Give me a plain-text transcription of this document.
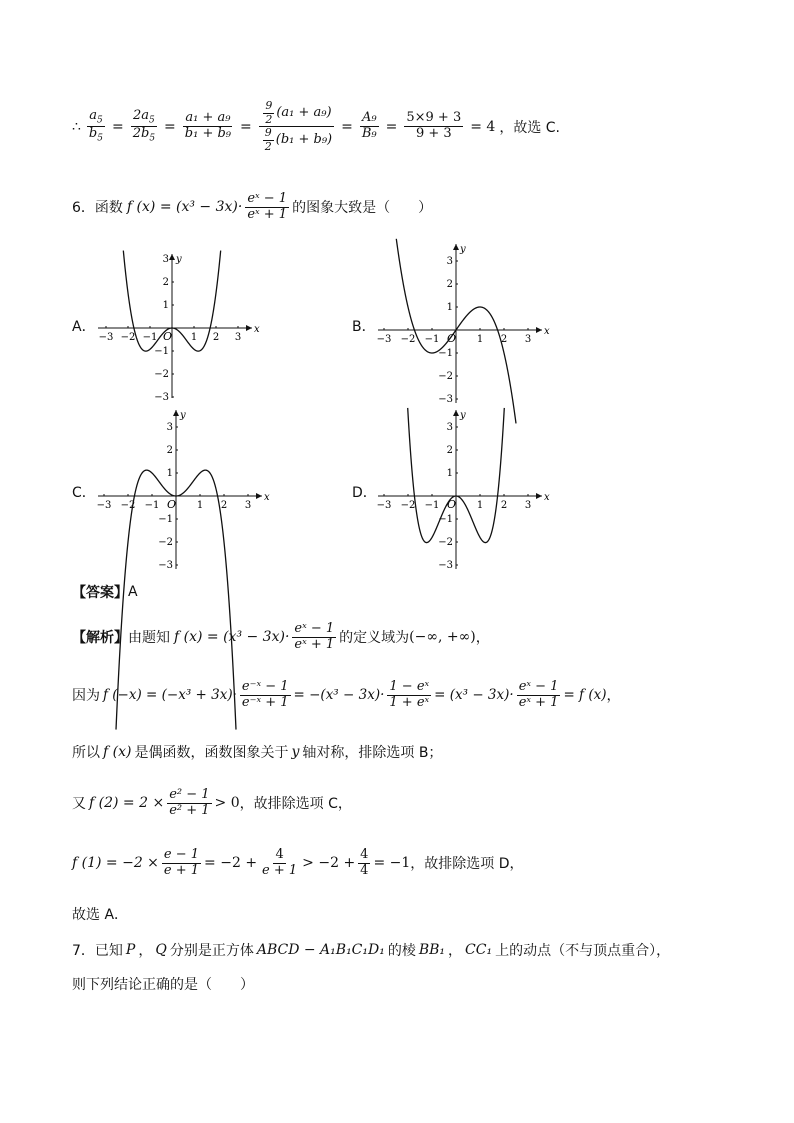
∴ $\frac{a_5}{b_5} = \frac{2a_5}{2b_5} = \frac{\text{a₁ + a₉}}{\text{b₁ + b₉}} = \frac{\frac{9}{2} (a_1 + a_9)}{\frac{9}{2} (b_1 + b_9)} = \frac{\text{A₉}}{\text{B₉}} = \frac{5\times 9 + 3}{9 + 3} = 4$ ，故选 C.
6．函数 f $(x) = (x^3 - 3x)\cdot \frac{\text{eˣ − 1}}{\text{eˣ + 1}}$ 的图象大致是（　　）
A．	B．
C．	D．
x
y
O
−3 −2 −1	1 2 3
3
2
1
−1
−2
−3
x
y
O
−3 −2 −1	1 2 3
3
2
1
−1
−2
−3
x
y
O
−3 −2 −1	1 2 3
3
2
1
−1
−2
−3
x
y
O
−3 −2 −1	1 2 3
3
2
1
−1
−2
−3
【答案】 A
【解析】 由题知 f $(x) = (x^3 - 3x)\cdot \frac{\text{eˣ − 1}}{\text{eˣ + 1}}$ 的定义域为 (−∞, +∞) ，
因为 f $(-x) = (-x^3 + 3x)\cdot \frac{\text{e⁻ˣ − 1}}{\text{e⁻ˣ + 1}} = -(x^3 - 3x)\cdot \frac{\text{1 − eˣ}}{\text{1 + eˣ}} = (x^3 - 3x)\cdot \frac{\text{eˣ − 1}}{\text{eˣ + 1}} = f$ (x) ，
所以 f (x) 是偶函数，函数图象关于 y 轴对称，排除选项 B；
又 f $(2) = 2 \times \frac{\text{e² − 1}}{\text{e² + 1}} > 0$ ，故排除选项 C，
f $(1) = -2 \times \frac{e - 1}{e + 1} = -2 + \frac{4}{e + 1} > -2 + \frac{4}{4} = -1$ ，故排除选项 D，
故选 A．
7．已知 P ， Q 分别是正方体 ABCD − A₁B₁C₁D₁ 的棱 BB₁ ， CC₁ 上的动点（不与顶点重合），
则下列结论正确的是（　　）
